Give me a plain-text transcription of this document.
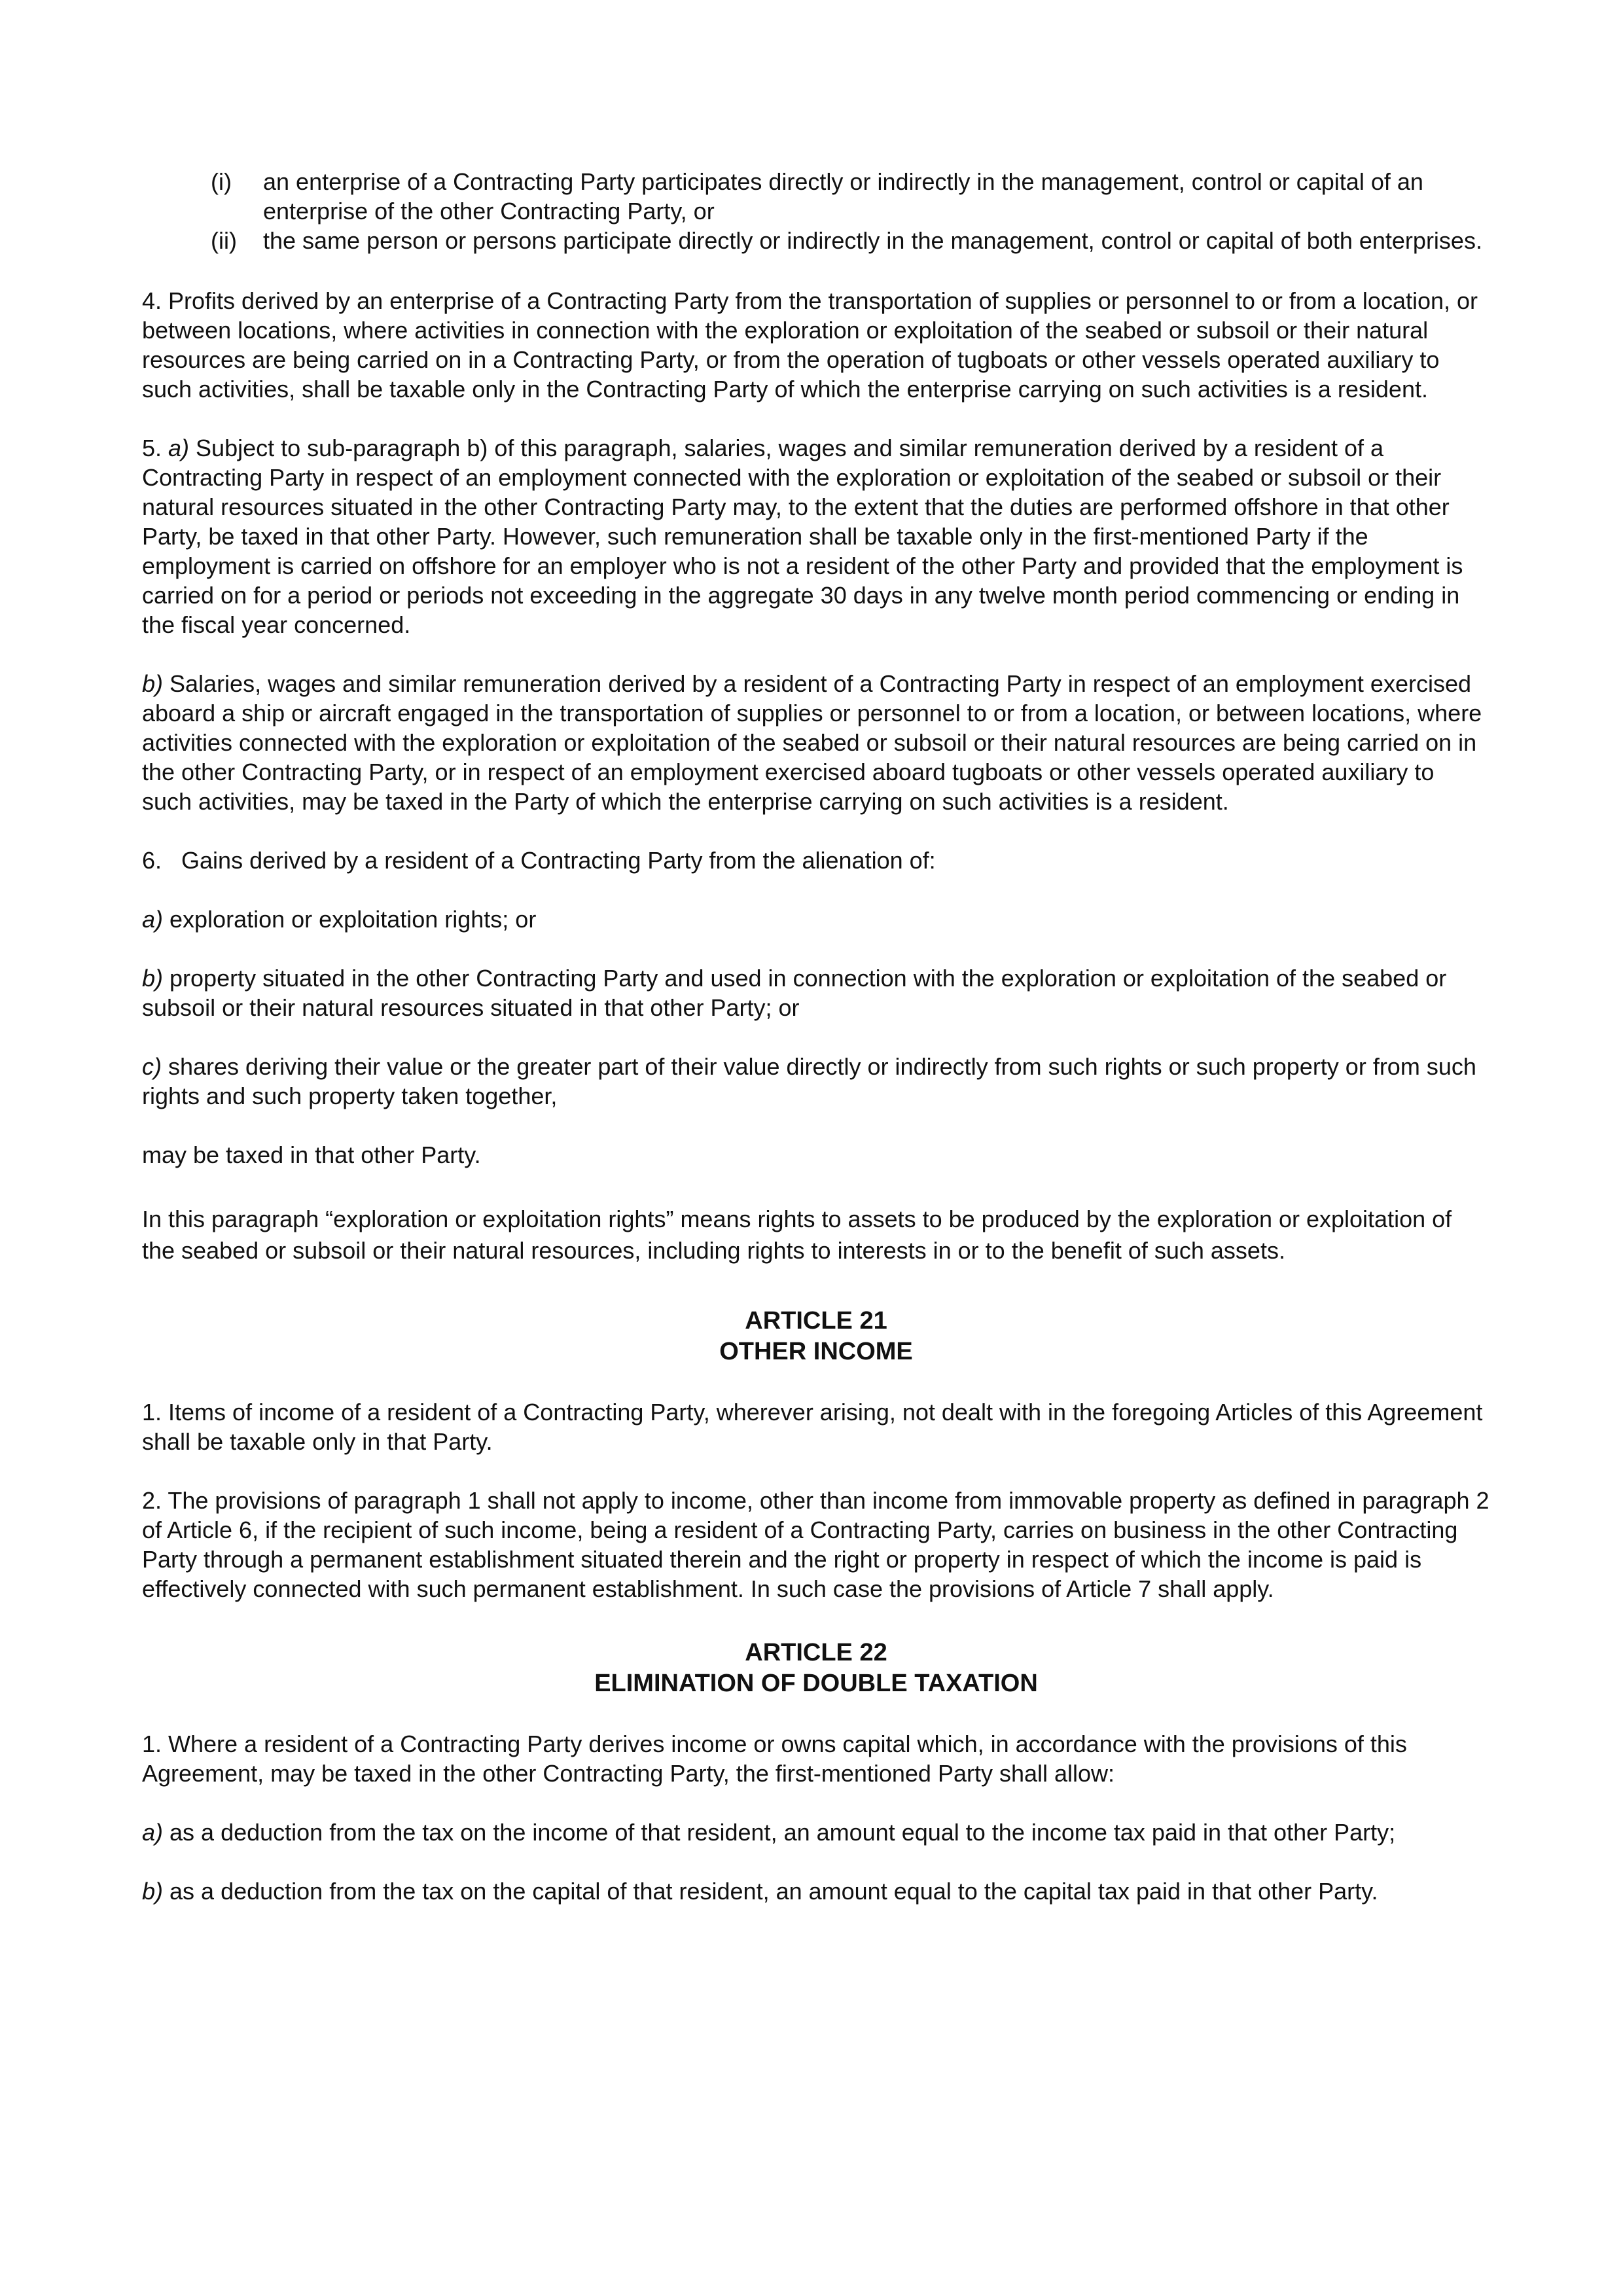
(i)	an enterprise of a Contracting Party participates directly or indirectly in the management, control or capital of an enterprise of the other Contracting Party, or
(ii)	the same person or persons participate directly or indirectly in the management, control or capital of both enterprises.

4. Profits derived by an enterprise of a Contracting Party from the transportation of supplies or personnel to or from a location, or between locations, where activities in connection with the exploration or exploitation of the seabed or subsoil or their natural resources are being carried on in a Contracting Party, or from the operation of tugboats or other vessels operated auxiliary to such activities, shall be taxable only in the Contracting Party of which the enterprise carrying on such activities is a resident.

5. a) Subject to sub-paragraph b) of this paragraph, salaries, wages and similar remuneration derived by a resident of a Contracting Party in respect of an employment connected with the exploration or exploitation of the seabed or subsoil or their natural resources situated in the other Contracting Party may, to the extent that the duties are performed offshore in that other Party, be taxed in that other Party. However, such remuneration shall be taxable only in the first-mentioned Party if the employment is carried on offshore for an employer who is not a resident of the other Party and provided that the employment is carried on for a period or periods not exceeding in the aggregate 30 days in any twelve month period commencing or ending in the fiscal year concerned.

b) Salaries, wages and similar remuneration derived by a resident of a Contracting Party in respect of an employment exercised aboard a ship or aircraft engaged in the transportation of supplies or personnel to or from a location, or between locations, where activities connected with the exploration or exploitation of the seabed or subsoil or their natural resources are being carried on in the other Contracting Party, or in respect of an employment exercised aboard tugboats or other vessels operated auxiliary to such activities, may be taxed in the Party of which the enterprise carrying on such activities is a resident.

6.   Gains derived by a resident of a Contracting Party from the alienation of:

a) exploration or exploitation rights; or

b) property situated in the other Contracting Party and used in connection with the exploration or exploitation of the seabed or subsoil or their natural resources situated in that other Party; or

c) shares deriving their value or the greater part of their value directly or indirectly from such rights or such property or from such rights and such property taken together,

may be taxed in that other Party.

In this paragraph “exploration or exploitation rights” means rights to assets to be produced by the exploration or exploitation of the seabed or subsoil or their natural resources, including rights to interests in or to the benefit of such assets.

ARTICLE 21
OTHER INCOME

1. Items of income of a resident of a Contracting Party, wherever arising, not dealt with in the foregoing Articles of this Agreement shall be taxable only in that Party.

2. The provisions of paragraph 1 shall not apply to income, other than income from immovable property as defined in paragraph 2 of Article 6, if the recipient of such income, being a resident of a Contracting Party, carries on business in the other Contracting Party through a permanent establishment situated therein and the right or property in respect of which the income is paid is effectively connected with such permanent establishment. In such case the provisions of Article 7 shall apply.

ARTICLE 22
ELIMINATION OF DOUBLE TAXATION

1. Where a resident of a Contracting Party derives income or owns capital which, in accordance with the provisions of this Agreement, may be taxed in the other Contracting Party, the first-mentioned Party shall allow:

a) as a deduction from the tax on the income of that resident, an amount equal to the income tax paid in that other Party;

b) as a deduction from the tax on the capital of that resident, an amount equal to the capital tax paid in that other Party.
